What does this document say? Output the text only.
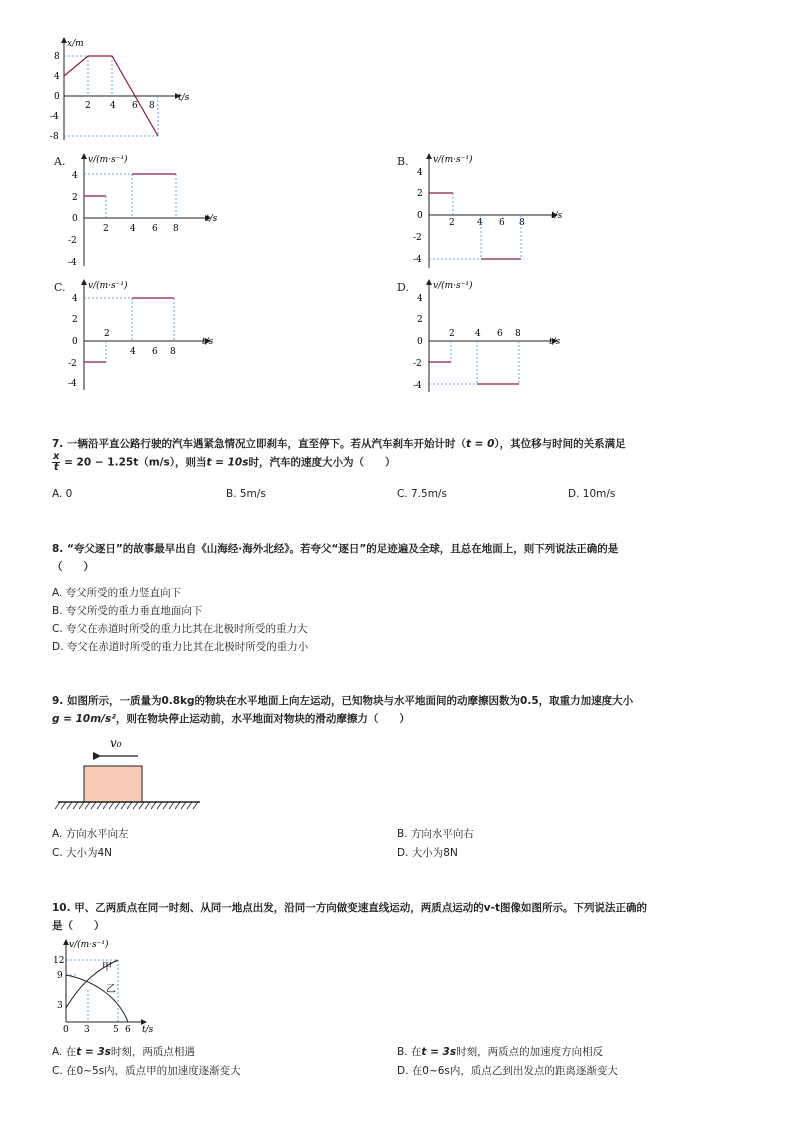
x/m
t/s
8
4
0
-4
-8
2 4 6 8
A.	v/(m·s⁻¹)
t/s
4
2
0
-2
-4
2 4 6 8
B.	v/(m·s⁻¹)
t/s
4
2
0
-2
-4
2 4 6 8
C. v/(m·s⁻¹)
t/s
4
2
0
-2
-4
2
4 6 8
D.	v/(m·s⁻¹)
t/s
4
2
0
-2
-4
2 4 6 8
7. 一辆沿平直公路行驶的汽车遇紧急情况立即刹车，直至停下。若从汽车刹车开始计时（t = 0），其位移与时间的关系满足
$\frac{x}{t} = 20 - 1.25t(m/s)$，则当t = 10s时，汽车的速度大小为（　　）
A. 0	B. 5m/s	C. 7.5m/s	D. 10m/s
8. “夸父逐日”的故事最早出自《山海经·海外北经》。若夸父“逐日”的足迹遍及全球，且总在地面上，则下列说法正确的是
（　　）
A. 夸父所受的重力竖直向下
B. 夸父所受的重力垂直地面向下
C. 夸父在赤道时所受的重力比其在北极时所受的重力大
D. 夸父在赤道时所受的重力比其在北极时所受的重力小
9. 如图所示，一质量为0.8kg的物块在水平地面上向左运动，已知物块与水平地面间的动摩擦因数为0.5，取重力加速度大小
g = 10m/s²，则在物块停止运动前，水平地面对物块的滑动摩擦力（　　）
v₀
A. 方向水平向左	B. 方向水平向右
C. 大小为4N	D. 大小为8N
10. 甲、乙两质点在同一时刻、从同一地点出发，沿同一方向做变速直线运动，两质点运动的v-t图像如图所示。下列说法正确的
是（　　）
v/(m·s⁻¹)
t/s
12
9
3
0 3	5 6
甲
乙
A. 在t = 3s时刻，两质点相遇	B. 在t = 3s时刻，两质点的加速度方向相反
C. 在0~5s内，质点甲的加速度逐渐变大	D. 在0~6s内，质点乙到出发点的距离逐渐变大
